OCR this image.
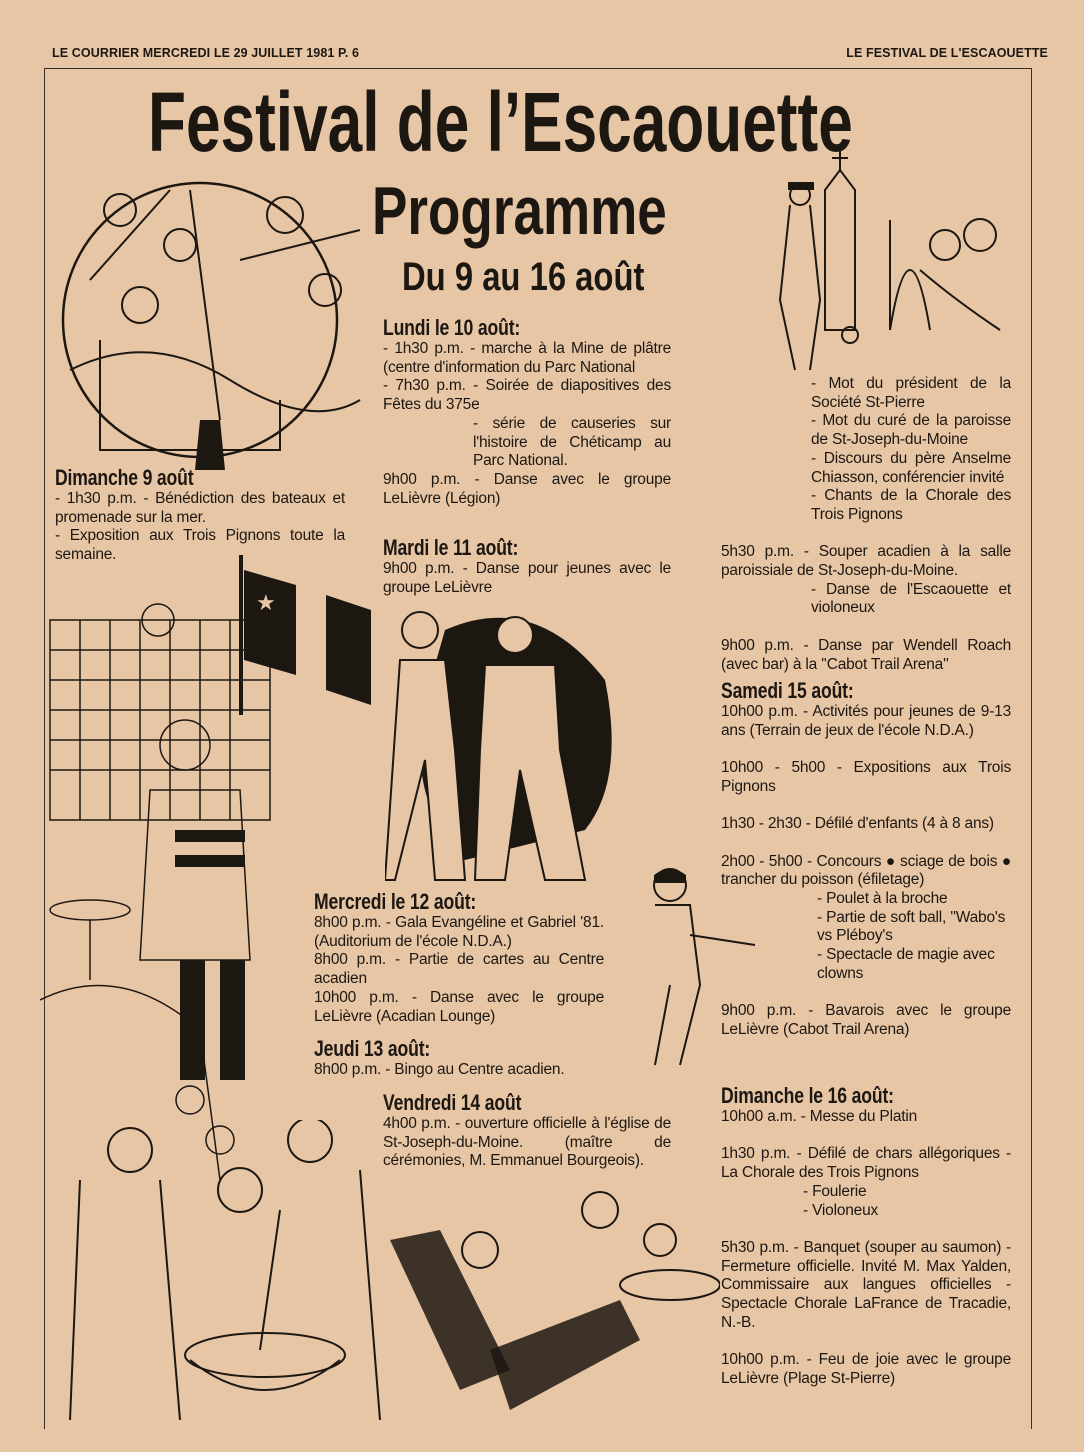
LE COURRIER MERCREDI LE 29 JUILLET 1981 P. 6	LE FESTIVAL DE L'ESCAOUETTE
Festival de l’Escaouette
Programme
Du 9 au 16 août
★
Dimanche 9 août

- 1h30 p.m. - Bénédiction des bateaux et promenade sur la mer.

- Exposition aux Trois Pignons toute la semaine.

Lundi le 10 août:

- 1h30 p.m. - marche à la Mine de plâtre (centre d'information du Parc National

- 7h30 p.m. - Soirée de diapositives des Fêtes du 375e

- série de causeries sur l'histoire de Chéticamp au Parc National.

9h00 p.m. - Danse avec le groupe LeLièvre (Légion)

Mardi le 11 août:

9h00 p.m. - Danse pour jeunes avec le groupe LeLièvre

Mercredi le 12 août:

8h00 p.m. - Gala Evangéline et Gabriel '81. (Auditorium de l'école N.D.A.)

8h00 p.m. - Partie de cartes au Centre acadien

10h00 p.m. - Danse avec le groupe LeLièvre (Acadian Lounge)

Jeudi 13 août:

8h00 p.m. - Bingo au Centre acadien.

Vendredi 14 août

4h00 p.m. - ouverture officielle à l'église de St-Joseph-du-Moine. (maître de cérémonies, M. Emmanuel Bourgeois).

- Mot du président de la Société St-Pierre

- Mot du curé de la paroisse de St-Joseph-du-Moine

- Discours du père Anselme Chiasson, conférencier invité

- Chants de la Chorale des Trois Pignons

5h30 p.m. - Souper acadien à la salle paroissiale de St-Joseph-du-Moine.

- Danse de l'Escaouette et violoneux

9h00 p.m. - Danse par Wendell Roach (avec bar) à la ''Cabot Trail Arena''

Samedi 15 août:

10h00 p.m. - Activités pour jeunes de 9-13 ans (Terrain de jeux de l'école N.D.A.)

10h00 - 5h00 - Expositions aux Trois Pignons

1h30 - 2h30 - Défilé d'enfants (4 à 8 ans)

2h00 - 5h00 - Concours ● sciage de bois ● trancher du poisson (éfiletage)

- Poulet à la broche

- Partie de soft ball, ''Wabo's vs Pléboy's

- Spectacle de magie avec clowns

9h00 p.m. - Bavarois avec le groupe LeLièvre (Cabot Trail Arena)

Dimanche le 16 août:

10h00 a.m. - Messe du Platin

1h30 p.m. - Défilé de chars allégoriques - La Chorale des Trois Pignons

- Foulerie

- Violoneux

5h30 p.m. - Banquet (souper au saumon) - Fermeture officielle. Invité M. Max Yalden, Commissaire aux langues officielles - Spectacle Chorale LaFrance de Tracadie, N.-B.

10h00 p.m. - Feu de joie avec le groupe LeLièvre (Plage St-Pierre)
